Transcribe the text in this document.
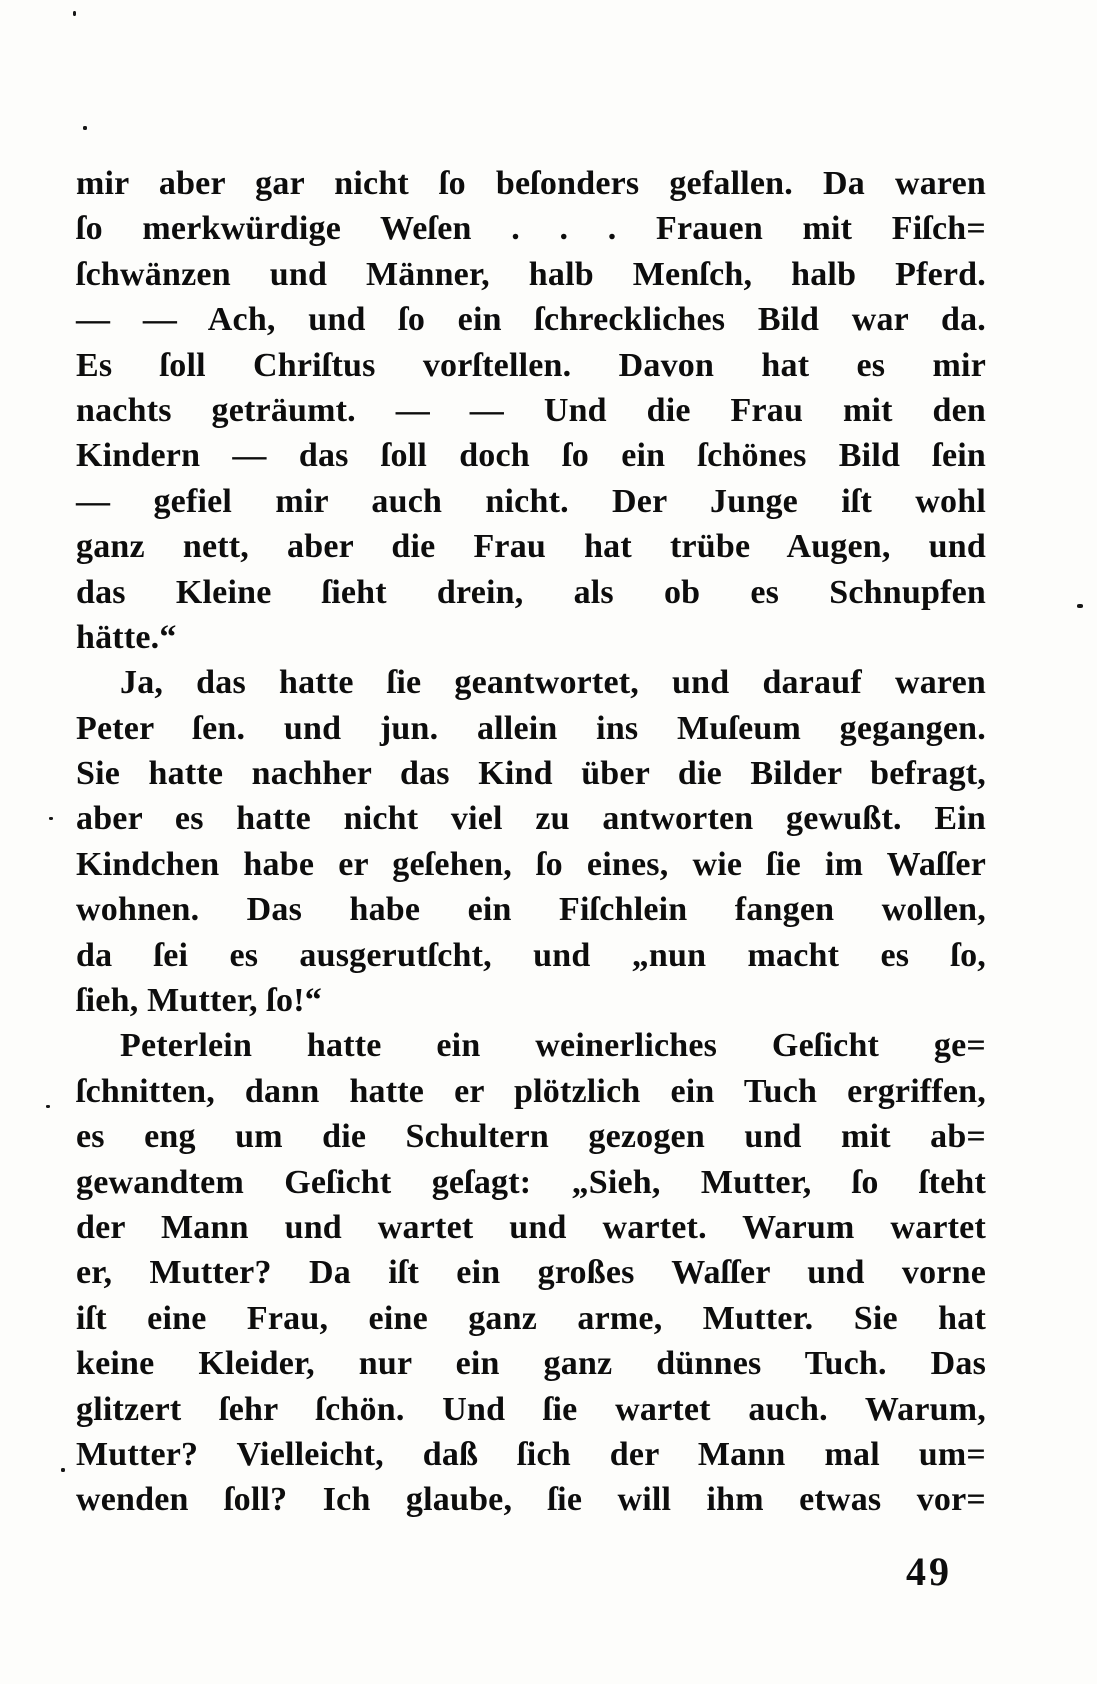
mir aber gar nicht ſo beſonders gefallen. Da waren
ſo merkwürdige Weſen . . . Frauen mit Fiſch=
ſchwänzen und Männer, halb Menſch, halb Pferd.
— — Ach, und ſo ein ſchreckliches Bild war da.
Es ſoll Chriſtus vorſtellen. Davon hat es mir
nachts geträumt. — — Und die Frau mit den
Kindern — das ſoll doch ſo ein ſchönes Bild ſein
— gefiel mir auch nicht. Der Junge iſt wohl
ganz nett, aber die Frau hat trübe Augen, und
das Kleine ſieht drein, als ob es Schnupfen
hätte.“
Ja, das hatte ſie geantwortet, und darauf waren
Peter ſen. und jun. allein ins Muſeum gegangen.
Sie hatte nachher das Kind über die Bilder befragt,
aber es hatte nicht viel zu antworten gewußt. Ein
Kindchen habe er geſehen, ſo eines, wie ſie im Waſſer
wohnen. Das habe ein Fiſchlein fangen wollen,
da ſei es ausgerutſcht, und „nun macht es ſo,
ſieh, Mutter, ſo!“
Peterlein hatte ein weinerliches Geſicht ge=
ſchnitten, dann hatte er plötzlich ein Tuch ergriffen,
es eng um die Schultern gezogen und mit ab=
gewandtem Geſicht geſagt: „Sieh, Mutter, ſo ſteht
der Mann und wartet und wartet. Warum wartet
er, Mutter? Da iſt ein großes Waſſer und vorne
iſt eine Frau, eine ganz arme, Mutter. Sie hat
keine Kleider, nur ein ganz dünnes Tuch. Das
glitzert ſehr ſchön. Und ſie wartet auch. Warum,
Mutter? Vielleicht, daß ſich der Mann mal um=
wenden ſoll? Ich glaube, ſie will ihm etwas vor=
49
